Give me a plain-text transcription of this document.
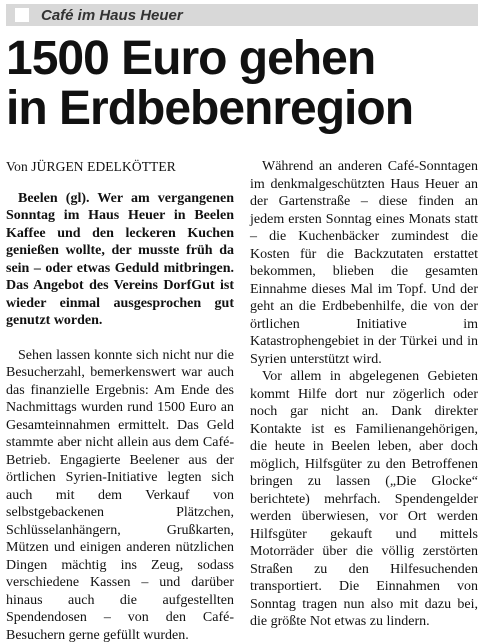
Café im Haus Heuer
1500 Euro gehen
in Erdbebenregion

Von JÜRGEN EDELKÖTTER

Beelen (gl). Wer am vergangenen Sonntag im Haus Heuer in Beelen Kaffee und den leckeren Kuchen genießen wollte, der musste früh da sein – oder etwas Geduld mitbringen. Das Angebot des Vereins DorfGut ist wieder einmal ausgesprochen gut genutzt worden.

Sehen lassen konnte sich nicht nur die Besucherzahl, bemerkenswert war auch das finanzielle Ergebnis: Am Ende des Nachmittags wurden rund 1500 Euro an Gesamteinnahmen ermittelt. Das Geld stammte aber nicht allein aus dem Café-Betrieb. Engagierte Beelener aus der örtlichen Syrien-Initiative legten sich auch mit dem Verkauf von selbstgebackenen Plätzchen, Schlüsselanhängern, Grußkarten, Mützen und einigen anderen nützlichen Dingen mächtig ins Zeug, sodass verschiedene Kassen – und darüber hinaus auch die aufgestellten Spendendosen – von den Café-Besuchern gerne gefüllt wurden.

Während an anderen Café-Sonntagen im denkmalgeschützten Haus Heuer an der Gartenstraße – diese finden an jedem ersten Sonntag eines Monats statt – die Kuchenbäcker zumindest die Kosten für die Backzutaten erstattet bekommen, blieben die gesamten Einnahme dieses Mal im Topf. Und der geht an die Erdbebenhilfe, die von der örtlichen Initiative im Katastrophengebiet in der Türkei und in Syrien unterstützt wird.

Vor allem in abgelegenen Gebieten kommt Hilfe dort nur zögerlich oder noch gar nicht an. Dank direkter Kontakte ist es Familienangehörigen, die heute in Beelen leben, aber doch möglich, Hilfsgüter zu den Betroffenen bringen zu lassen („Die Glocke“ berichtete) mehrfach. Spendengelder werden überwiesen, vor Ort werden Hilfsgüter gekauft und mittels Motorräder über die völlig zerstörten Straßen zu den Hilfesuchenden transportiert. Die Einnahmen von Sonntag tragen nun also mit dazu bei, die größte Not etwas zu lindern.
